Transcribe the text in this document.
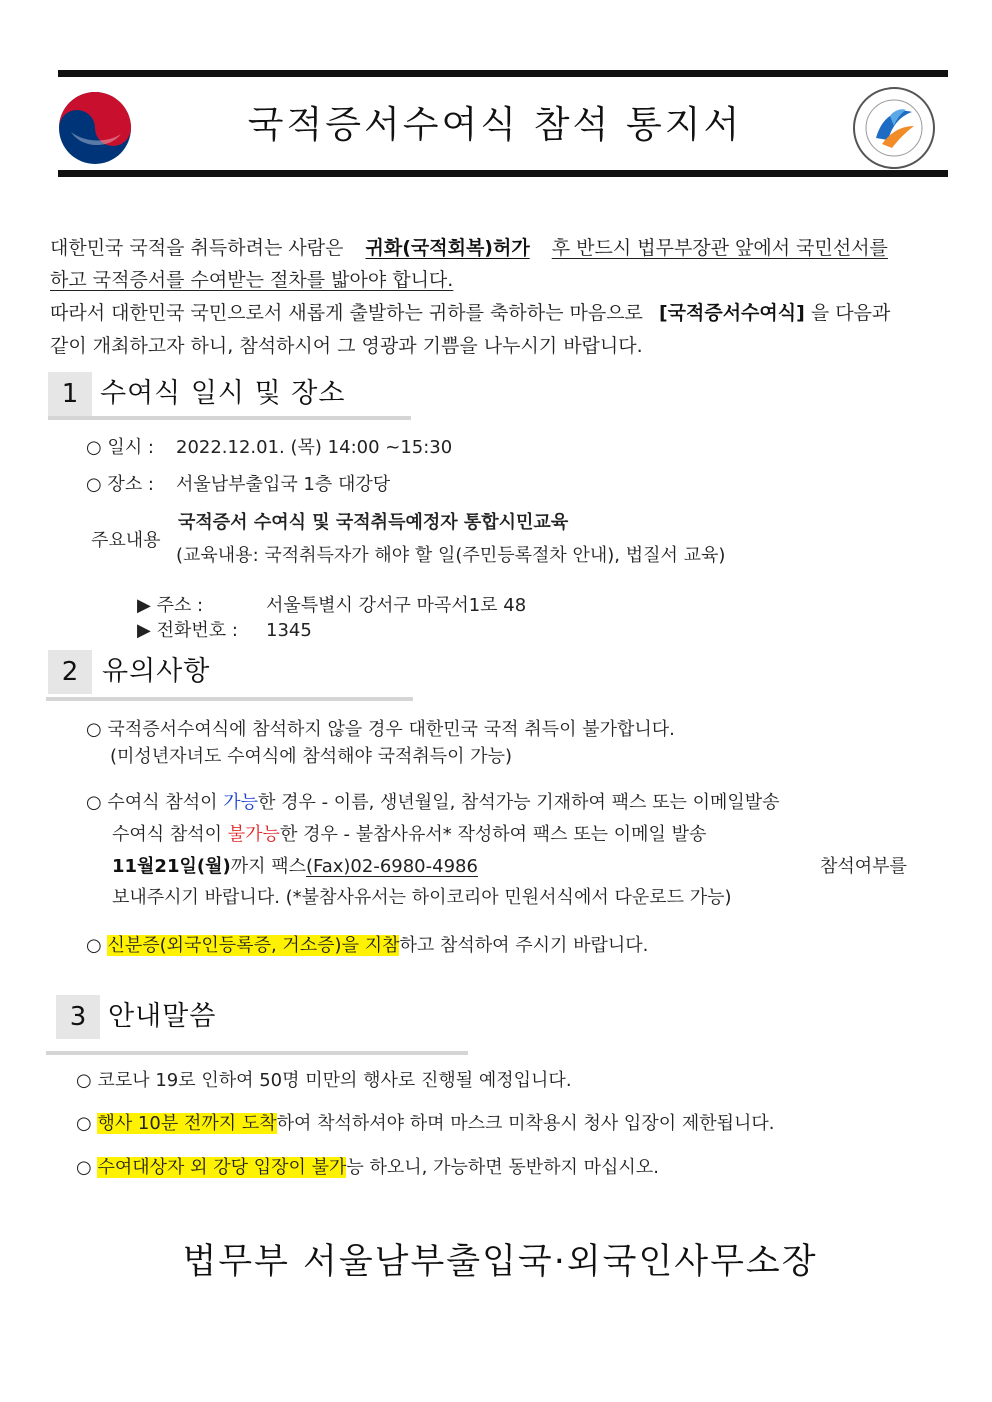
국적증서수여식 참석 통지서
대한민국 국적을 취득하려는 사람은 귀화(국적회복)허가 후 반드시 법무부장관 앞에서 국민선서를
하고 국적증서를 수여받는 절차를 밟아야 합니다.
따라서 대한민국 국민으로서 새롭게 출발하는 귀하를 축하하는 마음으로 [국적증서수여식] 을 다음과
같이 개최하고자 하니, 참석하시어 그 영광과 기쁨을 나누시기 바랍니다.
1 수여식 일시 및 장소
○ 일시 : 2022.12.01. (목) 14:00 ~15:30
○ 장소 : 서울남부출입국 1층 대강당
주요내용
국적증서 수여식 및 국적취득예정자 통합시민교육
(교육내용: 국적취득자가 해야 할 일(주민등록절차 안내), 법질서 교육)
▶ 주소 :	서울특별시 강서구 마곡서1로 48
▶ 전화번호 : 1345
2 유의사항
○ 국적증서수여식에 참석하지 않을 경우 대한민국 국적 취득이 불가합니다.
(미성년자녀도 수여식에 참석해야 국적취득이 가능)
○ 수여식 참석이 가능한 경우 - 이름, 생년월일, 참석가능 기재하여 팩스 또는 이메일발송
수여식 참석이 불가능한 경우 - 불참사유서* 작성하여 팩스 또는 이메일 발송
11월21일(월)까지 팩스(Fax)02-6980-4986	참석여부를
보내주시기 바랍니다. (*불참사유서는 하이코리아 민원서식에서 다운로드 가능)
○ 신분증(외국인등록증, 거소증)을 지참하고 참석하여 주시기 바랍니다.
3 안내말씀
○ 코로나 19로 인하여 50명 미만의 행사로 진행될 예정입니다.
○ 행사 10분 전까지 도착하여 착석하셔야 하며 마스크 미착용시 청사 입장이 제한됩니다.
○ 수여대상자 외 강당 입장이 불가능 하오니, 가능하면 동반하지 마십시오.
법무부 서울남부출입국·외국인사무소장
